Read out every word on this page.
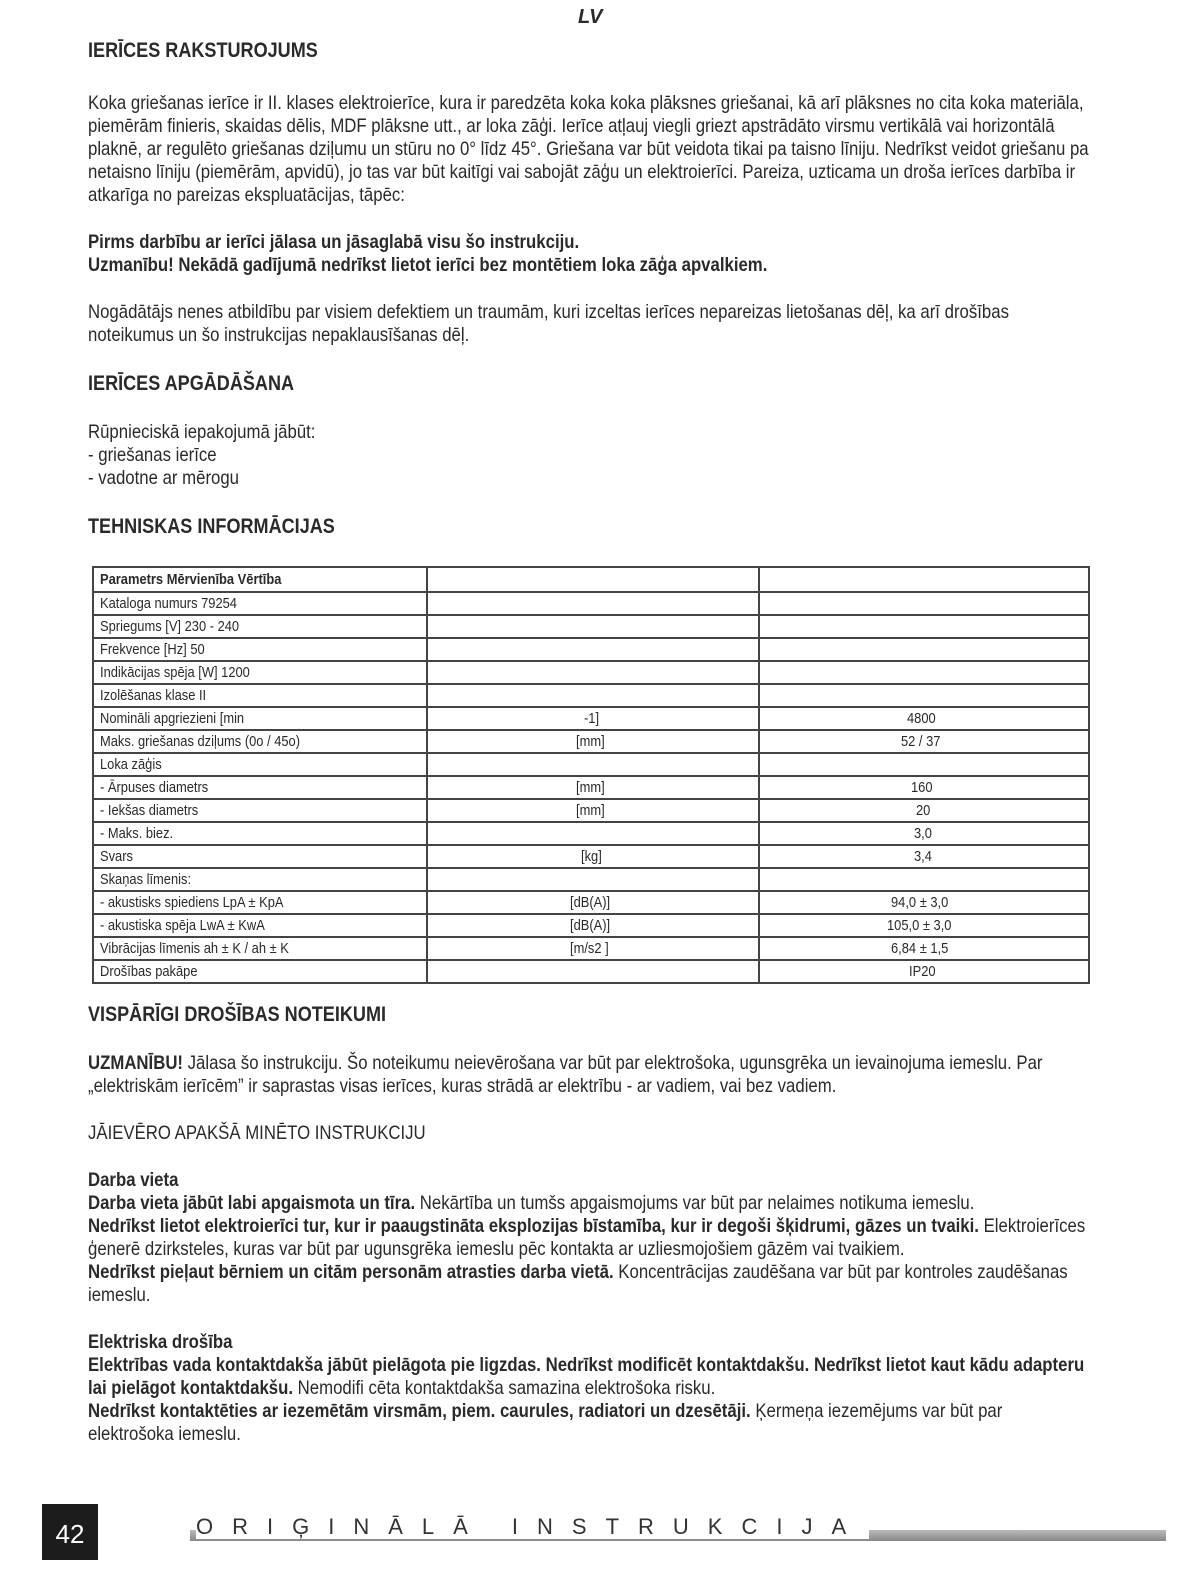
LV
IERĪCES RAKSTUROJUMS

Koka griešanas ierīce ir II. klases elektroierīce, kura ir paredzēta koka koka plāksnes griešanai, kā arī plāksnes no cita koka materiāla, piemērām finieris, skaidas dēlis, MDF plāksne utt., ar loka zāģi. Ierīce atļauj viegli griezt apstrādāto virsmu vertikālā vai horizontālā plaknē, ar regulēto griešanas dziļumu un stūru no 0° līdz 45°. Griešana var būt veidota tikai pa taisno līniju. Nedrīkst veidot griešanu pa netaisno līniju (piemērām, apvidū), jo tas var būt kaitīgi vai sabojāt zāģu un elektroierīci. Pareiza, uzticama un droša ierīces darbība ir atkarīga no pareizas ekspluatācijas, tāpēc:

Pirms darbību ar ierīci jālasa un jāsaglabā visu šo instrukciju.

Uzmanību! Nekādā gadījumā nedrīkst lietot ierīci bez montētiem loka zāģa apvalkiem.

Nogādātājs nenes atbildību par visiem defektiem un traumām, kuri izceltas ierīces nepareizas lietošanas dēļ, ka arī drošības noteikumus un šo instrukcijas nepaklausīšanas dēļ.

IERĪCES APGĀDĀŠANA

Rūpnieciskā iepakojumā jābūt:

- griešanas ierīce

- vadotne ar mērogu

TEHNISKAS INFORMĀCIJAS
Parametrs Mērvienība Vērtība		
Kataloga numurs 79254		
Spriegums [V] 230 - 240		
Frekvence [Hz] 50		
Indikācijas spēja [W] 1200		
Izolēšanas klase II		
Nomināli apgriezieni [min	-1]	4800
Maks. griešanas dziļums (0o / 45o)	[mm]	52 / 37
Loka zāģis		
- Ārpuses diametrs	[mm]	160
- Iekšas diametrs	[mm]	20
- Maks. biez.		3,0
Svars	[kg]	3,4
Skaņas līmenis:		
- akustisks spiediens LpA ± KpA	[dB(A)]	94,0 ± 3,0
- akustiska spēja LwA ± KwA	[dB(A)]	105,0 ± 3,0
Vibrācijas līmenis ah ± K / ah ± K	[m/s2 ]	6,84 ± 1,5
Drošības pakāpe		IP20
VISPĀRĪGI DROŠĪBAS NOTEIKUMI

UZMANĪBU! Jālasa šo instrukciju. Šo noteikumu neievērošana var būt par elektrošoka, ugunsgrēka un ievainojuma iemeslu. Par „elektriskām ierīcēm” ir saprastas visas ierīces, kuras strādā ar elektrību - ar vadiem, vai bez vadiem.

JĀIEVĒRO APAKŠĀ MINĒTO INSTRUKCIJU

Darba vieta

Darba vieta jābūt labi apgaismota un tīra. Nekārtība un tumšs apgaismojums var būt par nelaimes notikuma iemeslu.

Nedrīkst lietot elektroierīci tur, kur ir paaugstināta eksplozijas bīstamība, kur ir degoši šķidrumi, gāzes un tvaiki. Elektroierīces ģenerē dzirksteles, kuras var būt par ugunsgrēka iemeslu pēc kontakta ar uzliesmojošiem gāzēm vai tvaikiem.

Nedrīkst pieļaut bērniem un citām personām atrasties darba vietā. Koncentrācijas zaudēšana var būt par kontroles zaudēšanas iemeslu.

Elektriska drošība

Elektrības vada kontaktdakša jābūt pielāgota pie ligzdas. Nedrīkst modificēt kontaktdakšu. Nedrīkst lietot kaut kādu adapteru lai pielāgot kontaktdakšu. Nemodifi cēta kontaktdakša samazina elektrošoka risku.

Nedrīkst kontaktēties ar iezemētām virsmām, piem. caurules, radiatori un dzesētāji. Ķermeņa iezemējums var būt par elektrošoka iemeslu.

42	ORIĢINĀLĀ INSTRUKCIJA
